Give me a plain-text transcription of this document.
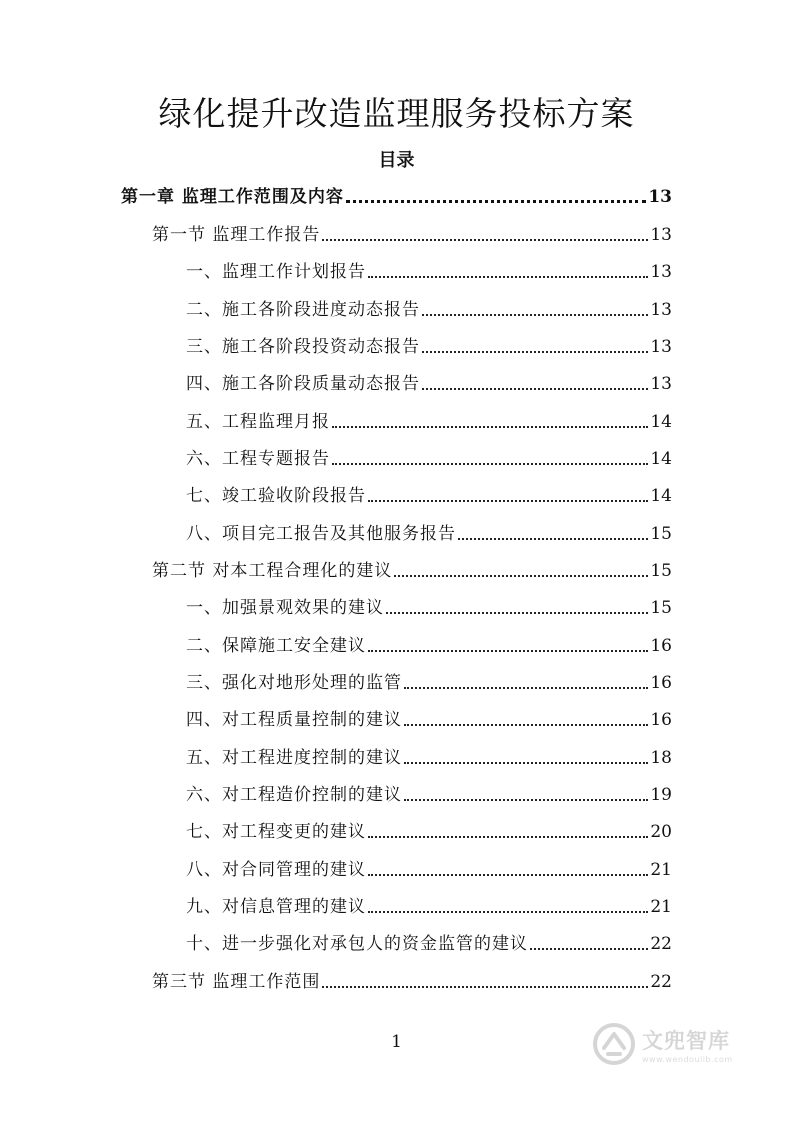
绿化提升改造监理服务投标方案
目录
第一章 监理工作范围及内容	13
第一节 监理工作报告	13
一、监理工作计划报告	13
二、施工各阶段进度动态报告	13
三、施工各阶段投资动态报告	13
四、施工各阶段质量动态报告	13
五、工程监理月报	14
六、工程专题报告	14
七、竣工验收阶段报告	14
八、项目完工报告及其他服务报告	15
第二节 对本工程合理化的建议	15
一、加强景观效果的建议	15
二、保障施工安全建议	16
三、强化对地形处理的监管	16
四、对工程质量控制的建议	16
五、对工程进度控制的建议	18
六、对工程造价控制的建议	19
七、对工程变更的建议	20
八、对合同管理的建议	21
九、对信息管理的建议	21
十、进一步强化对承包人的资金监管的建议	22
第三节 监理工作范围	22
1	文兜智库
www.wendoulib.com
